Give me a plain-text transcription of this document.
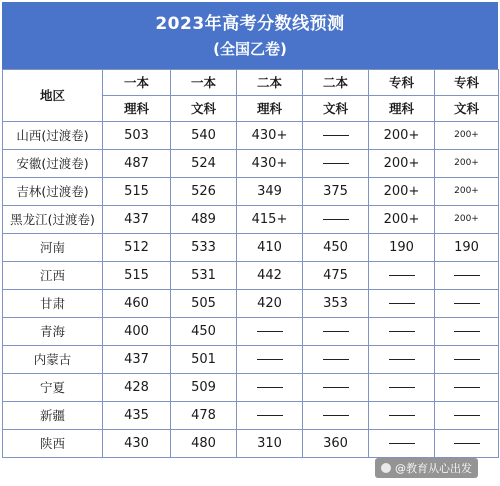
2023年高考分数线预测
(全国乙卷)
地区	一本	一本	二本	二本	专科	专科
	理科	文科	理科	文科	理科	文科
山西(过渡卷)	503	540	430+		200+	200+
安徽(过渡卷)	487	524	430+		200+	200+
吉林(过渡卷)	515	526	349	375	200+	200+
黑龙江(过渡卷)	437	489	415+		200+	200+
河南	512	533	410	450	190	190
江西	515	531	442	475		
甘肃	460	505	420	353		
青海	400	450				
内蒙古	437	501				
宁夏	428	509				
新疆	435	478				
陕西	430	480	310	360		
@教育从心出发
